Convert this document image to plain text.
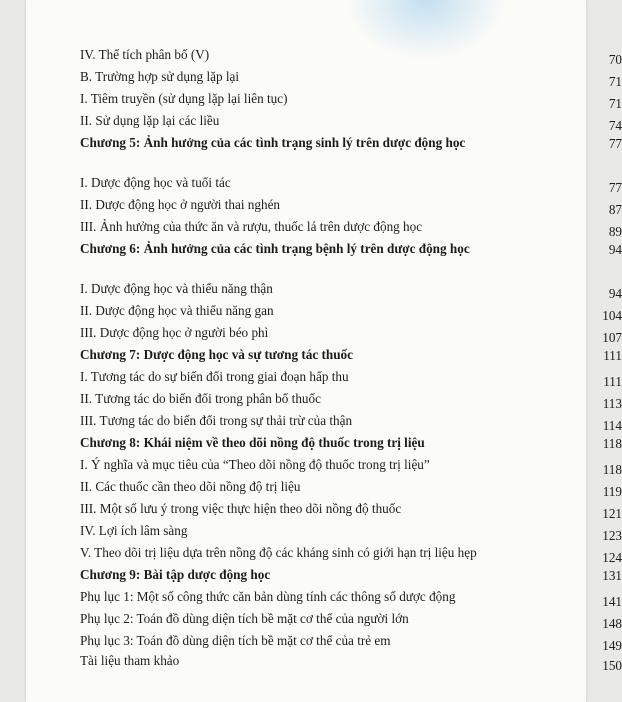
IV. Thể tích phân bố (V)	70
B. Trường hợp sử dụng lặp lại	71
I. Tiêm truyền (sử dụng lặp lại liên tục)	71
II. Sử dụng lặp lại các liều	74
Chương 5: Ảnh hưởng của các tình trạng sinh lý trên dược động học	77
I. Dược động học và tuổi tác	77
II. Dược động học ở người thai nghén	87
III. Ảnh hưởng của thức ăn và rượu, thuốc lá trên dược động học	89
Chương 6: Ảnh hưởng của các tình trạng bệnh lý trên dược động học	94
I. Dược động học và thiểu năng thận	94
II. Dược động học và thiểu năng gan	104
III. Dược động học ở người béo phì	107
Chương 7: Dược động học và sự tương tác thuốc	111
I. Tương tác do sự biến đổi trong giai đoạn hấp thu	111
II. Tương tác do biến đổi trong phân bố thuốc	113
III. Tương tác do biến đổi trong sự thải trừ của thận	114
Chương 8: Khái niệm về theo dõi nồng độ thuốc trong trị liệu	118
I. Ý nghĩa và mục tiêu của “Theo dõi nồng độ thuốc trong trị liệu”	118
II. Các thuốc cần theo dõi nồng độ trị liệu	119
III. Một số lưu ý trong việc thực hiện theo dõi nồng độ thuốc	121
IV. Lợi ích lâm sàng	123
V. Theo dõi trị liệu dựa trên nồng độ các kháng sinh có giới hạn trị liệu hẹp	124
Chương 9: Bài tập dược động học	131
Phụ lục 1: Một số công thức căn bản dùng tính các thông số dược động	141
Phụ lục 2: Toán đồ dùng diện tích bề mặt cơ thể của người lớn	148
Phụ lục 3: Toán đồ dùng diện tích bề mặt cơ thể của trẻ em	149
Tài liệu tham khảo	150
